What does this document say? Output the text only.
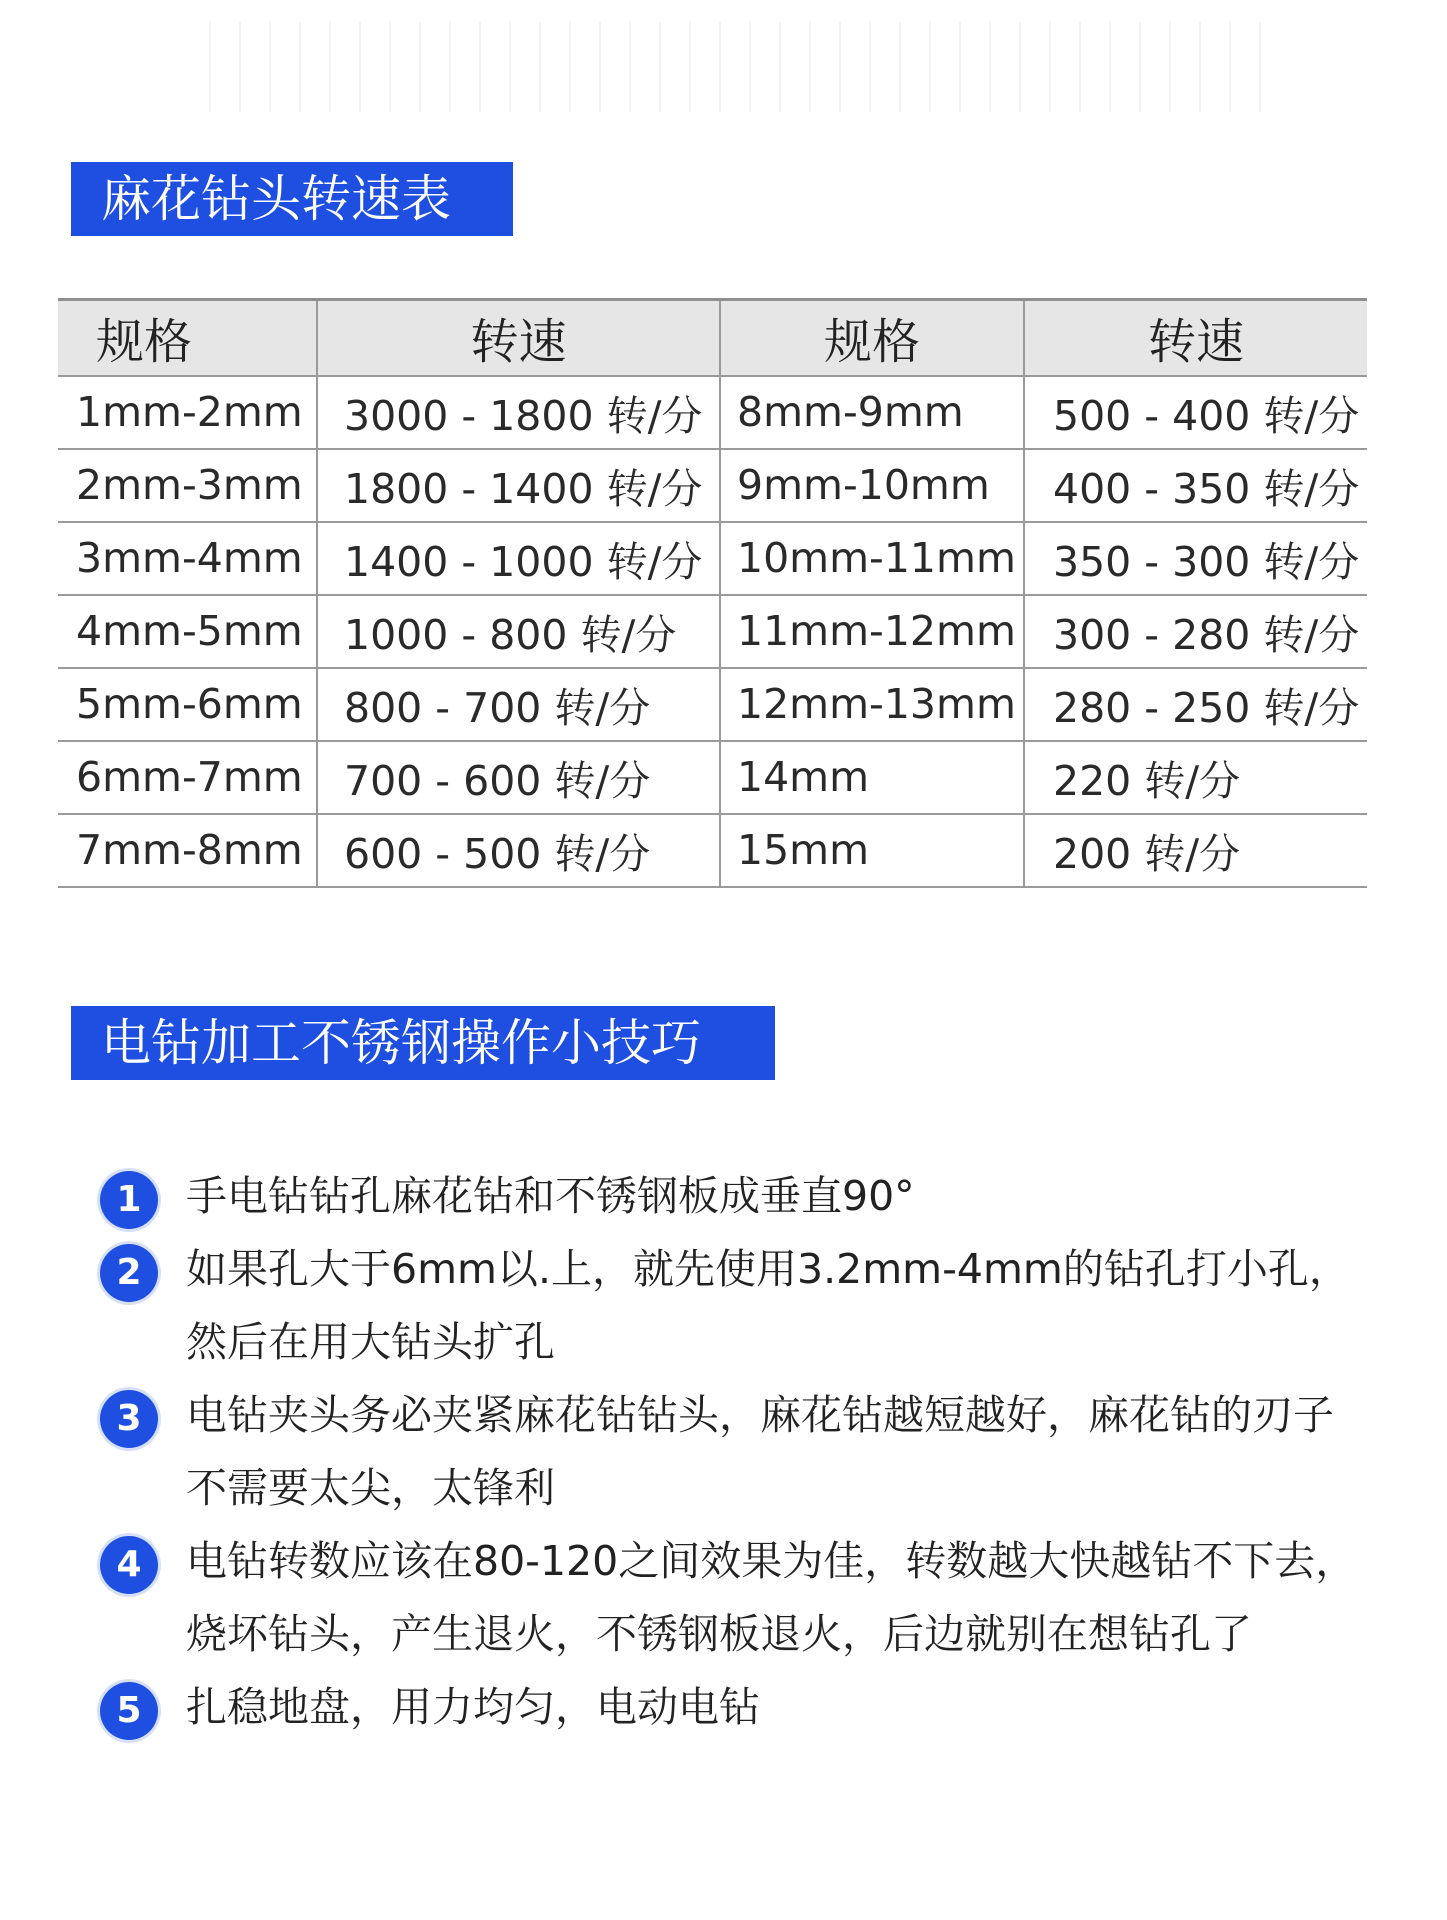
麻花钻头转速表
规格	转速	规格	转速
1mm-2mm	3000 - 1800 转/分	8mm-9mm	500 - 400 转/分
2mm-3mm	1800 - 1400 转/分	9mm-10mm	400 - 350 转/分
3mm-4mm	1400 - 1000 转/分	10mm-11mm	350 - 300 转/分
4mm-5mm	1000 - 800 转/分	11mm-12mm	300 - 280 转/分
5mm-6mm	800 - 700 转/分	12mm-13mm	280 - 250 转/分
6mm-7mm	700 - 600 转/分	14mm	220 转/分
7mm-8mm	600 - 500 转/分	15mm	200 转/分
电钻加工不锈钢操作小技巧
1	手电钻钻孔麻花钻和不锈钢板成垂直90°
2	如果孔大于6mm以.上，就先使用3.2mm-4mm的钻孔打小孔，
然后在用大钻头扩孔
3	电钻夹头务必夹紧麻花钻钻头，麻花钻越短越好，麻花钻的刃子
不需要太尖，太锋利
4	电钻转数应该在80-120之间效果为佳，转数越大快越钻不下去，
烧坏钻头，产生退火，不锈钢板退火，后边就别在想钻孔了
5	扎稳地盘，用力均匀，电动电钻
